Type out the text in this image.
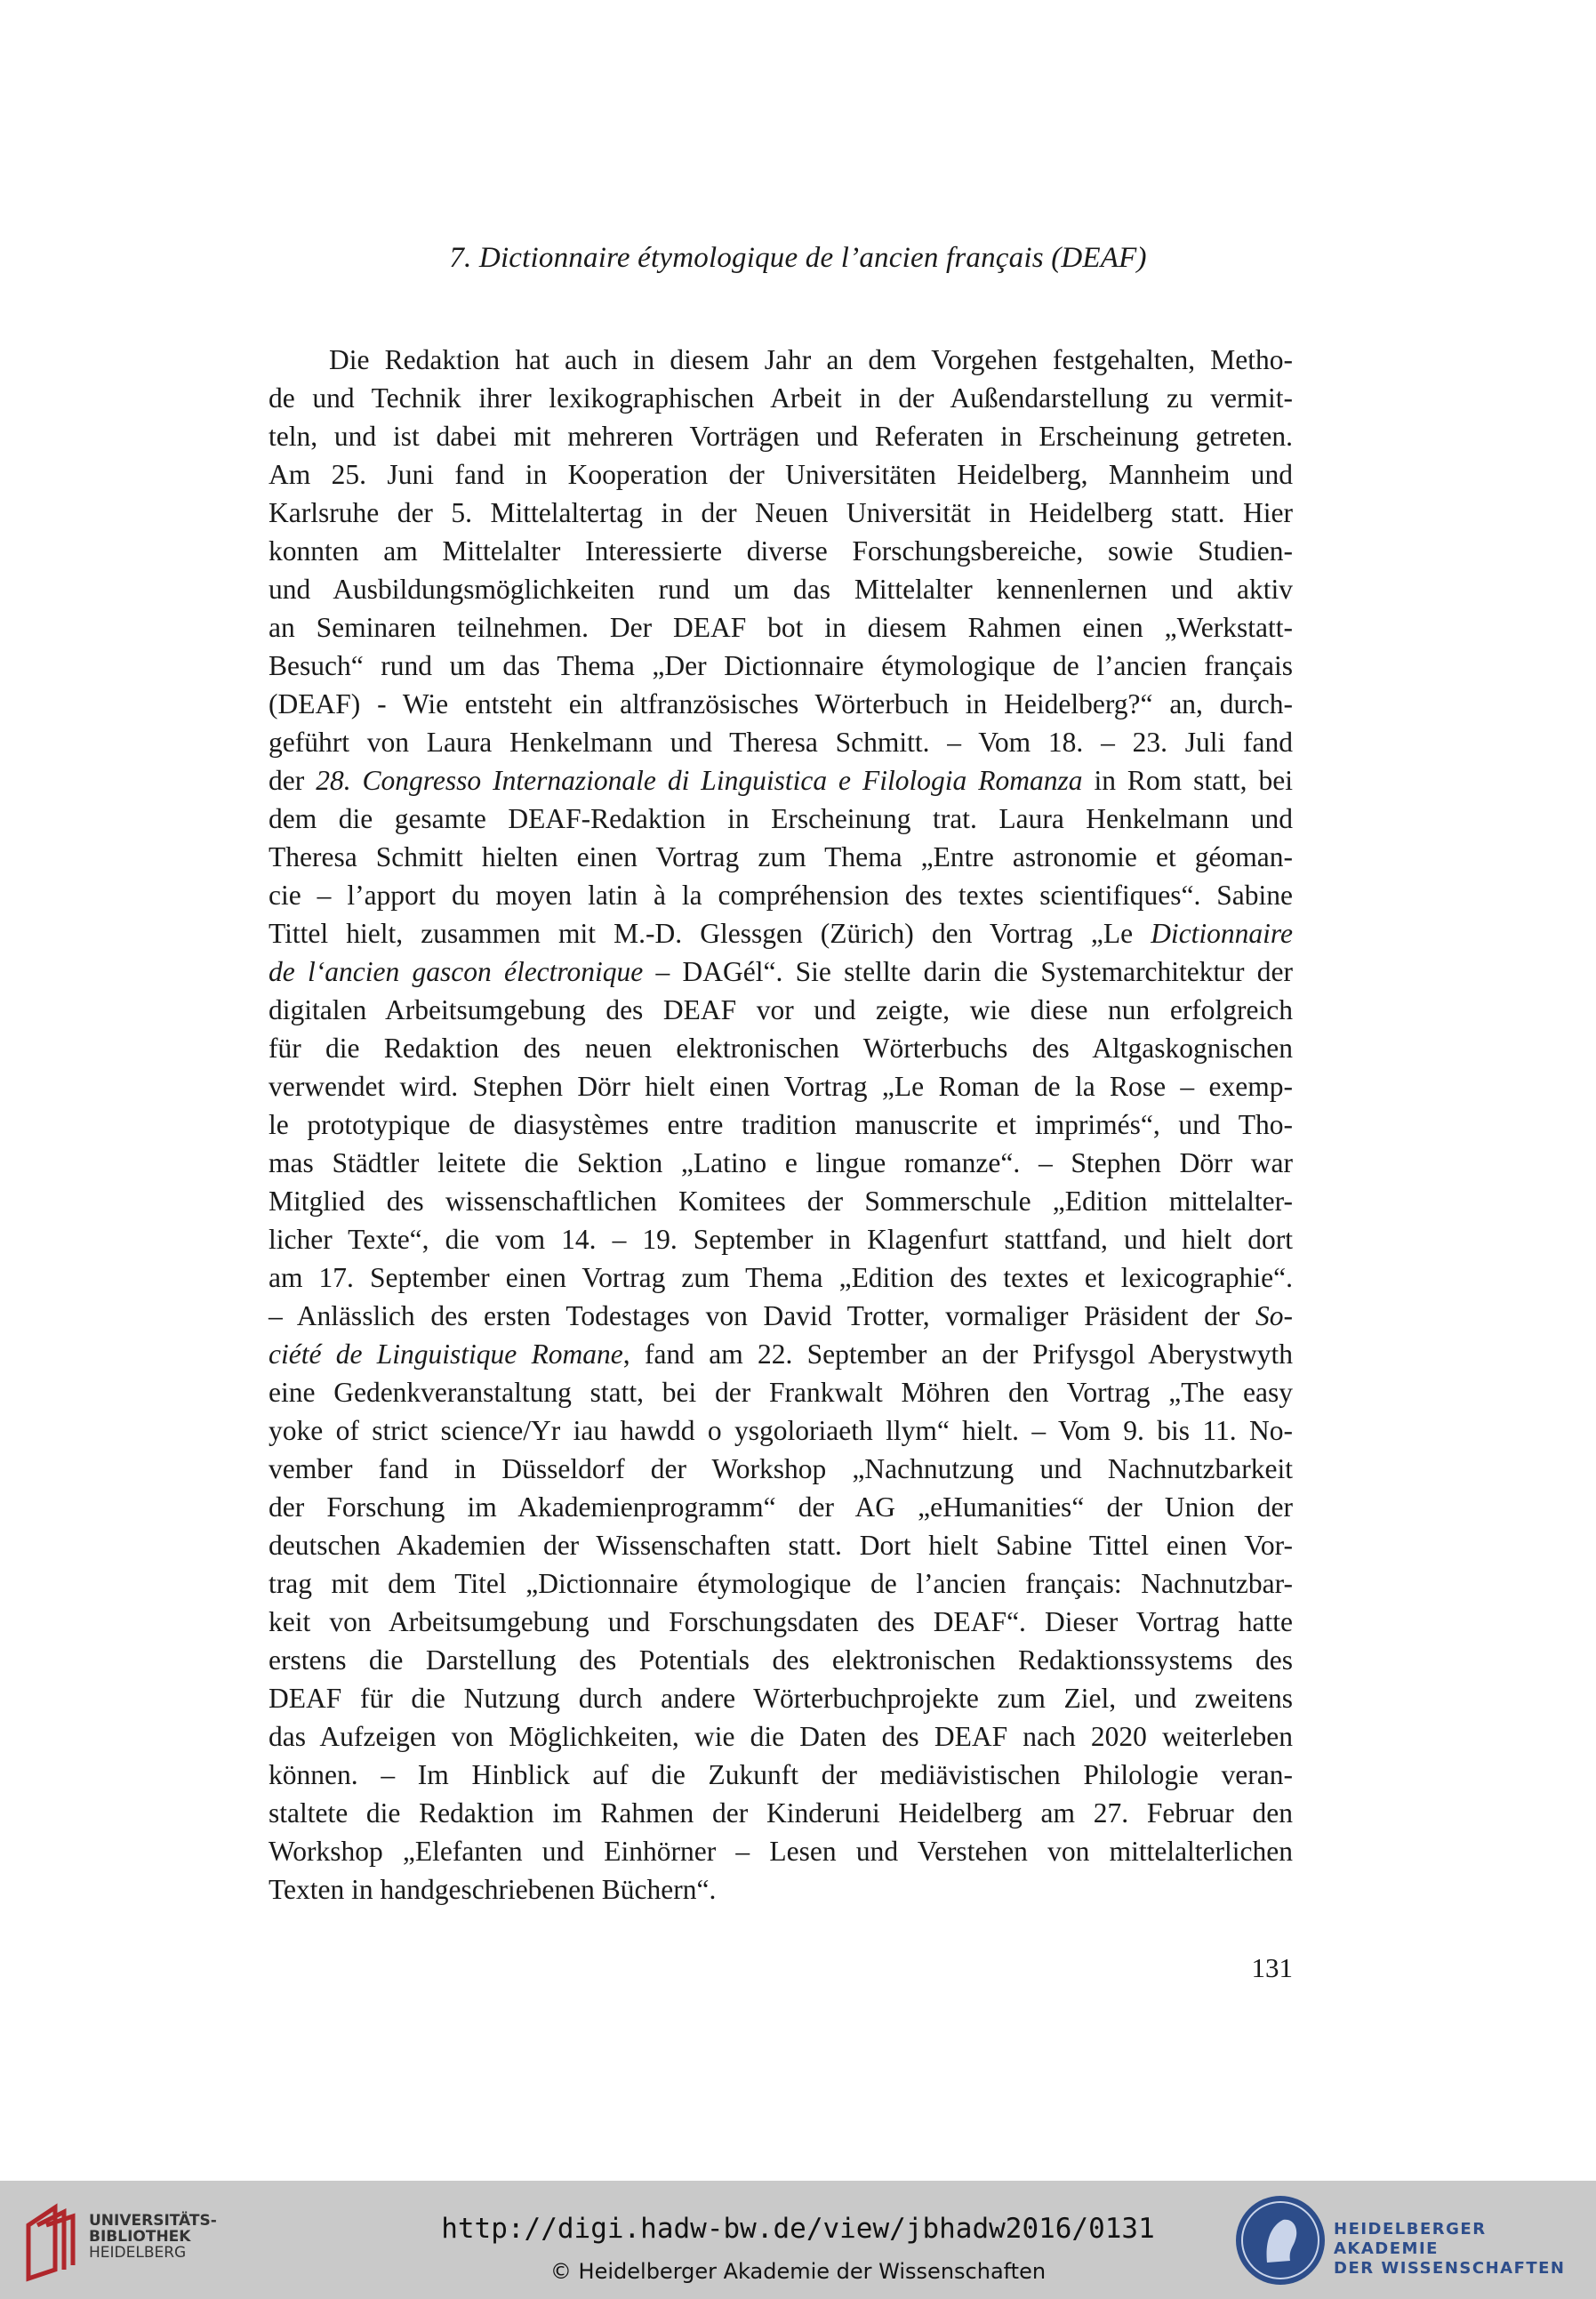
7. Dictionnaire étymologique de l’ancien français (DEAF)
Die Redaktion hat auch in diesem Jahr an dem Vorgehen festgehalten, Metho-
de und Technik ihrer lexikographischen Arbeit in der Außendarstellung zu vermit-
teln, und ist dabei mit mehreren Vorträgen und Referaten in Erscheinung getreten.
Am 25. Juni fand in Kooperation der Universitäten Heidelberg, Mannheim und
Karlsruhe der 5. Mittelaltertag in der Neuen Universität in Heidelberg statt. Hier
konnten am Mittelalter Interessierte diverse Forschungsbereiche, sowie Studien-
und Ausbildungsmöglichkeiten rund um das Mittelalter kennenlernen und aktiv
an Seminaren teilnehmen. Der DEAF bot in diesem Rahmen einen „Werkstatt-
Besuch“ rund um das Thema „Der Dictionnaire étymologique de l’ancien français
(DEAF) - Wie entsteht ein altfranzösisches Wörterbuch in Heidelberg?“ an, durch-
geführt von Laura Henkelmann und Theresa Schmitt. – Vom 18. – 23. Juli fand
der 28. Congresso Internazionale di Linguistica e Filologia Romanza in Rom statt, bei
dem die gesamte DEAF-Redaktion in Erscheinung trat. Laura Henkelmann und
Theresa Schmitt hielten einen Vortrag zum Thema „Entre astronomie et géoman-
cie – l’apport du moyen latin à la compréhension des textes scientifiques“. Sabine
Tittel hielt, zusammen mit M.-D. Glessgen (Zürich) den Vortrag „Le Dictionnaire
de l‘ancien gascon électronique – DAGél“. Sie stellte darin die Systemarchitektur der
digitalen Arbeitsumgebung des DEAF vor und zeigte, wie diese nun erfolgreich
für die Redaktion des neuen elektronischen Wörterbuchs des Altgaskognischen
verwendet wird. Stephen Dörr hielt einen Vortrag „Le Roman de la Rose – exemp-
le prototypique de diasystèmes entre tradition manuscrite et imprimés“, und Tho-
mas Städtler leitete die Sektion „Latino e lingue romanze“. – Stephen Dörr war
Mitglied des wissenschaftlichen Komitees der Sommerschule „Edition mittelalter-
licher Texte“, die vom 14. – 19. September in Klagenfurt stattfand, und hielt dort
am 17. September einen Vortrag zum Thema „Edition des textes et lexicographie“.
– Anlässlich des ersten Todestages von David Trotter, vormaliger Präsident der So-
ciété de Linguistique Romane, fand am 22. September an der Prifysgol Aberystwyth
eine Gedenkveranstaltung statt, bei der Frankwalt Möhren den Vortrag „The easy
yoke of strict science/Yr iau hawdd o ysgoloriaeth llym“ hielt. – Vom 9. bis 11. No-
vember fand in Düsseldorf der Workshop „Nachnutzung und Nachnutzbarkeit
der Forschung im Akademienprogramm“ der AG „eHumanities“ der Union der
deutschen Akademien der Wissenschaften statt. Dort hielt Sabine Tittel einen Vor-
trag mit dem Titel „Dictionnaire étymologique de l’ancien français: Nachnutzbar-
keit von Arbeitsumgebung und Forschungsdaten des DEAF“. Dieser Vortrag hatte
erstens die Darstellung des Potentials des elektronischen Redaktionssystems des
DEAF für die Nutzung durch andere Wörterbuchprojekte zum Ziel, und zweitens
das Aufzeigen von Möglichkeiten, wie die Daten des DEAF nach 2020 weiterleben
können. – Im Hinblick auf die Zukunft der mediävistischen Philologie veran-
staltete die Redaktion im Rahmen der Kinderuni Heidelberg am 27. Februar den
Workshop „Elefanten und Einhörner – Lesen und Verstehen von mittelalterlichen
Texten in handgeschriebenen Büchern“.
131
UNIVERSITÄTS-
BIBLIOTHEK
HEIDELBERG
http://digi.hadw-bw.de/view/jbhadw2016/0131
© Heidelberger Akademie der Wissenschaften
HEIDELBERGER AKADEMIE
DER WISSENSCHAFTEN
